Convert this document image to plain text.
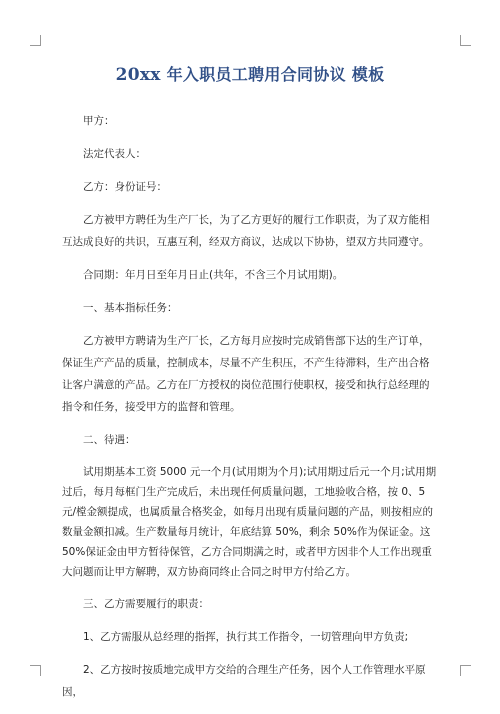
20xx 年入职员工聘用合同协议 模板

甲方：

法定代表人：

乙方：身份证号：

乙方被甲方聘任为生产厂长，为了乙方更好的履行工作职责，为了双方能相互达成良好的共识，互惠互利，经双方商议，达成以下协协，望双方共同遵守。

合同期：年月日至年月日止(共年，不含三个月试用期)。

一、基本指标任务：

乙方被甲方聘请为生产厂长，乙方每月应按时完成销售部下达的生产订单，保证生产产品的质量，控制成本，尽量不产生积压，不产生待滞料，生产出合格让客户满意的产品。乙方在厂方授权的岗位范围行使职权，接受和执行总经理的指令和任务，接受甲方的监督和管理。

二、待遇：

试用期基本工资 5000 元一个月(试用期为个月);试用期过后元一个月;试用期过后，每月每框门生产完成后，未出现任何质量问题，工地验收合格，按 0、5 元/樘金额提成，也属质量合格奖金，如每月出现有质量问题的产品，则按相应的数量金额扣减。生产数量每月统计，年底结算 50%，剩余 50%作为保证金。这 50%保证金由甲方暂待保管，乙方合同期满之时，或者甲方因非个人工作出现重大问题而让甲方解聘，双方协商同终止合同之时甲方付给乙方。

三、乙方需要履行的职责：

1、乙方需服从总经理的指挥，执行其工作指令，一切管理向甲方负责;

2、乙方按时按质地完成甲方交给的合理生产任务，因个人工作管理水平原因，
